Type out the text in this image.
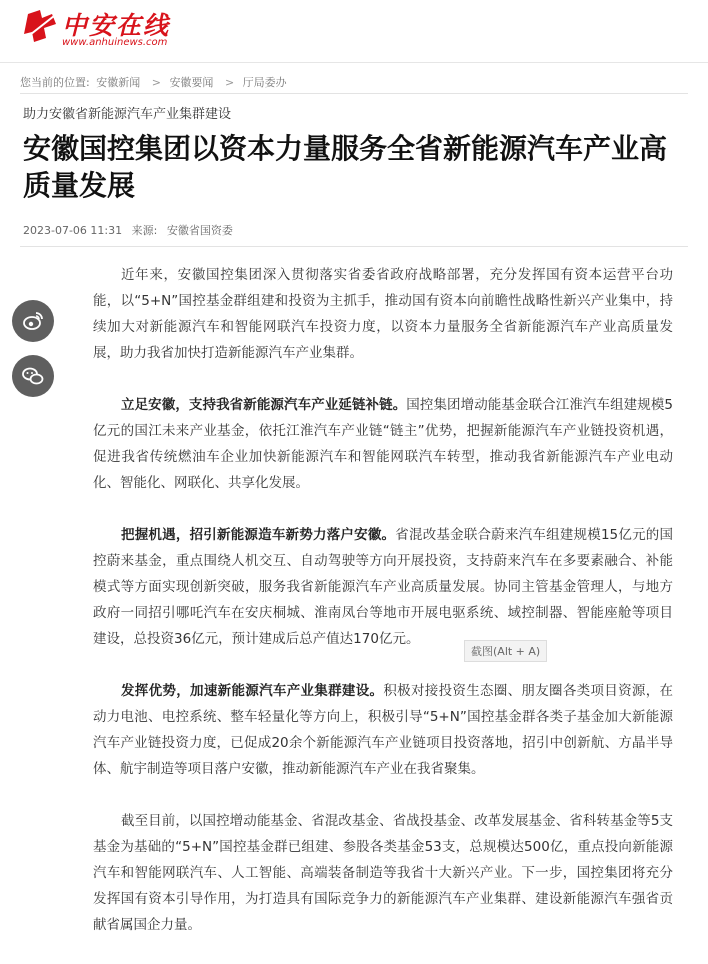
中安在线
www.anhuinews.com
您当前的位置: 安徽新闻 > 安徽要闻 > 厅局委办
助力安徽省新能源汽车产业集群建设
安徽国控集团以资本力量服务全省新能源汽车产业高质量发展
2023-07-06 11:31 来源: 安徽省国资委

近年来，安徽国控集团深入贯彻落实省委省政府战略部署，充分发挥国有资本运营平台功能，以“5+N”国控基金群组建和投资为主抓手，推动国有资本向前瞻性战略性新兴产业集中，持续加大对新能源汽车和智能网联汽车投资力度，以资本力量服务全省新能源汽车产业高质量发展，助力我省加快打造新能源汽车产业集群。

立足安徽，支持我省新能源汽车产业延链补链。国控集团增动能基金联合江淮汽车组建规模5亿元的国江未来产业基金，依托江淮汽车产业链“链主”优势，把握新能源汽车产业链投资机遇，促进我省传统燃油车企业加快新能源汽车和智能网联汽车转型，推动我省新能源汽车产业电动化、智能化、网联化、共享化发展。

把握机遇，招引新能源造车新势力落户安徽。省混改基金联合蔚来汽车组建规模15亿元的国控蔚来基金，重点围绕人机交互、自动驾驶等方向开展投资，支持蔚来汽车在多要素融合、补能模式等方面实现创新突破，服务我省新能源汽车产业高质量发展。协同主管基金管理人，与地方政府一同招引哪吒汽车在安庆桐城、淮南凤台等地市开展电驱系统、域控制器、智能座舱等项目建设，总投资36亿元，预计建成后总产值达170亿元。

发挥优势，加速新能源汽车产业集群建设。积极对接投资生态圈、朋友圈各类项目资源，在动力电池、电控系统、整车轻量化等方向上，积极引导“5+N”国控基金群各类子基金加大新能源汽车产业链投资力度，已促成20余个新能源汽车产业链项目投资落地，招引中创新航、方晶半导体、航宇制造等项目落户安徽，推动新能源汽车产业在我省聚集。

截至目前，以国控增动能基金、省混改基金、省战投基金、改革发展基金、省科转基金等5支基金为基础的“5+N”国控基金群已组建、参股各类基金53支，总规模达500亿，重点投向新能源汽车和智能网联汽车、人工智能、高端装备制造等我省十大新兴产业。下一步，国控集团将充分发挥国有资本引导作用，为打造具有国际竞争力的新能源汽车产业集群、建设新能源汽车强省贡献省属国企力量。

截图(Alt + A)
